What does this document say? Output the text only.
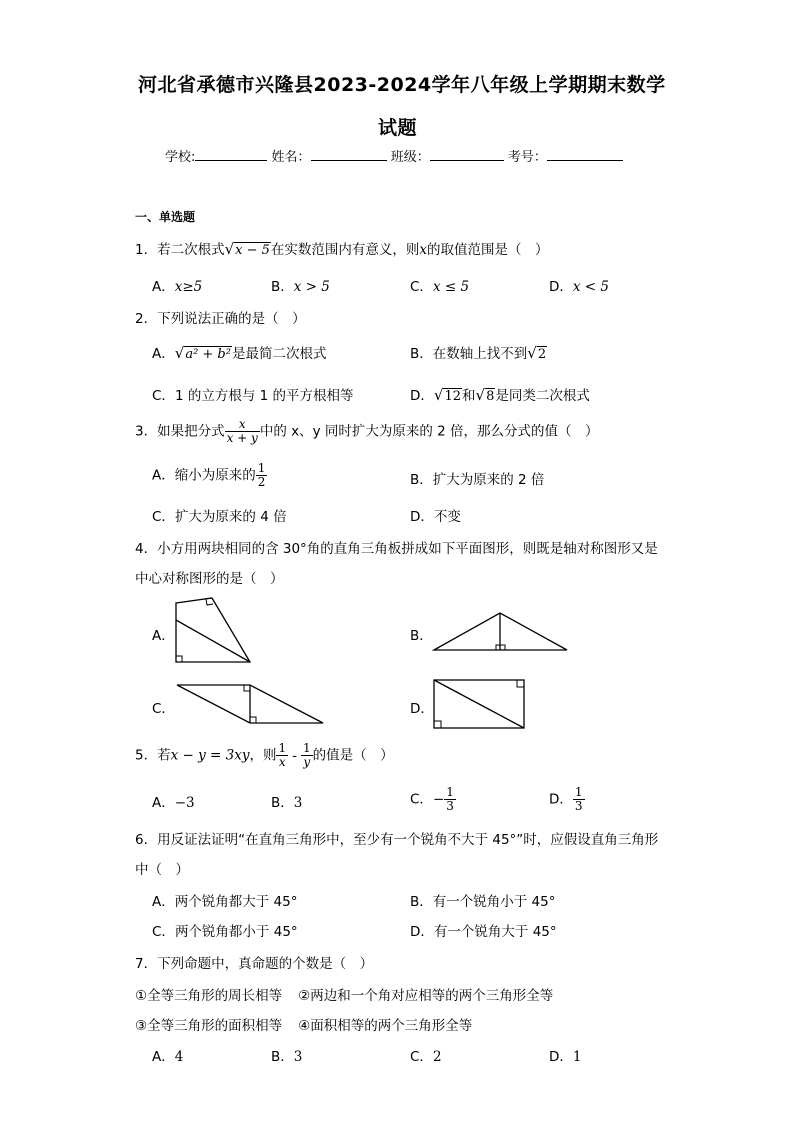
河北省承德市兴隆县2023-2024学年八年级上学期期末数学
试题
学校:	姓名：	班级：	考号：
一、单选题
1．若二次根式√x − 5在实数范围内有意义，则x的取值范围是（　）
A．x≥5	B．x > 5	C．x ≤ 5	D．x < 5
2．下列说法正确的是（　）
A．√a² + b²是最简二次根式	B．在数轴上找不到√2
C．1 的立方根与 1 的平方根相等	D．√12和√8是同类二次根式
3．如果把分式 $\frac{x}{x + y}$ 中的 x、y 同时扩大为原来的 2 倍，那么分式的值（　）
A．缩小为原来的 $\frac{1}{2}$	B．扩大为原来的 2 倍
C．扩大为原来的 4 倍	D．不变
4．小方用两块相同的含 30°角的直角三角板拼成如下平面图形，则既是轴对称图形又是
中心对称图形的是（　）
A．	B．
C．	D．
5．若x − y = 3xy，则 $\frac{1}{x} - \frac{1}{y}$ 的值是（　）
A．−3	B．3	C．− $\frac{1}{3}$	D． $\frac{1}{3}$
6．用反证法证明“在直角三角形中，至少有一个锐角不大于 45°”时，应假设直角三角形
中（　）
A．两个锐角都大于 45°	B．有一个锐角小于 45°
C．两个锐角都小于 45°	D．有一个锐角大于 45°
7．下列命题中，真命题的个数是（　）
①全等三角形的周长相等 ②两边和一个角对应相等的两个三角形全等
③全等三角形的面积相等 ④面积相等的两个三角形全等
A．4	B．3	C．2	D．1
